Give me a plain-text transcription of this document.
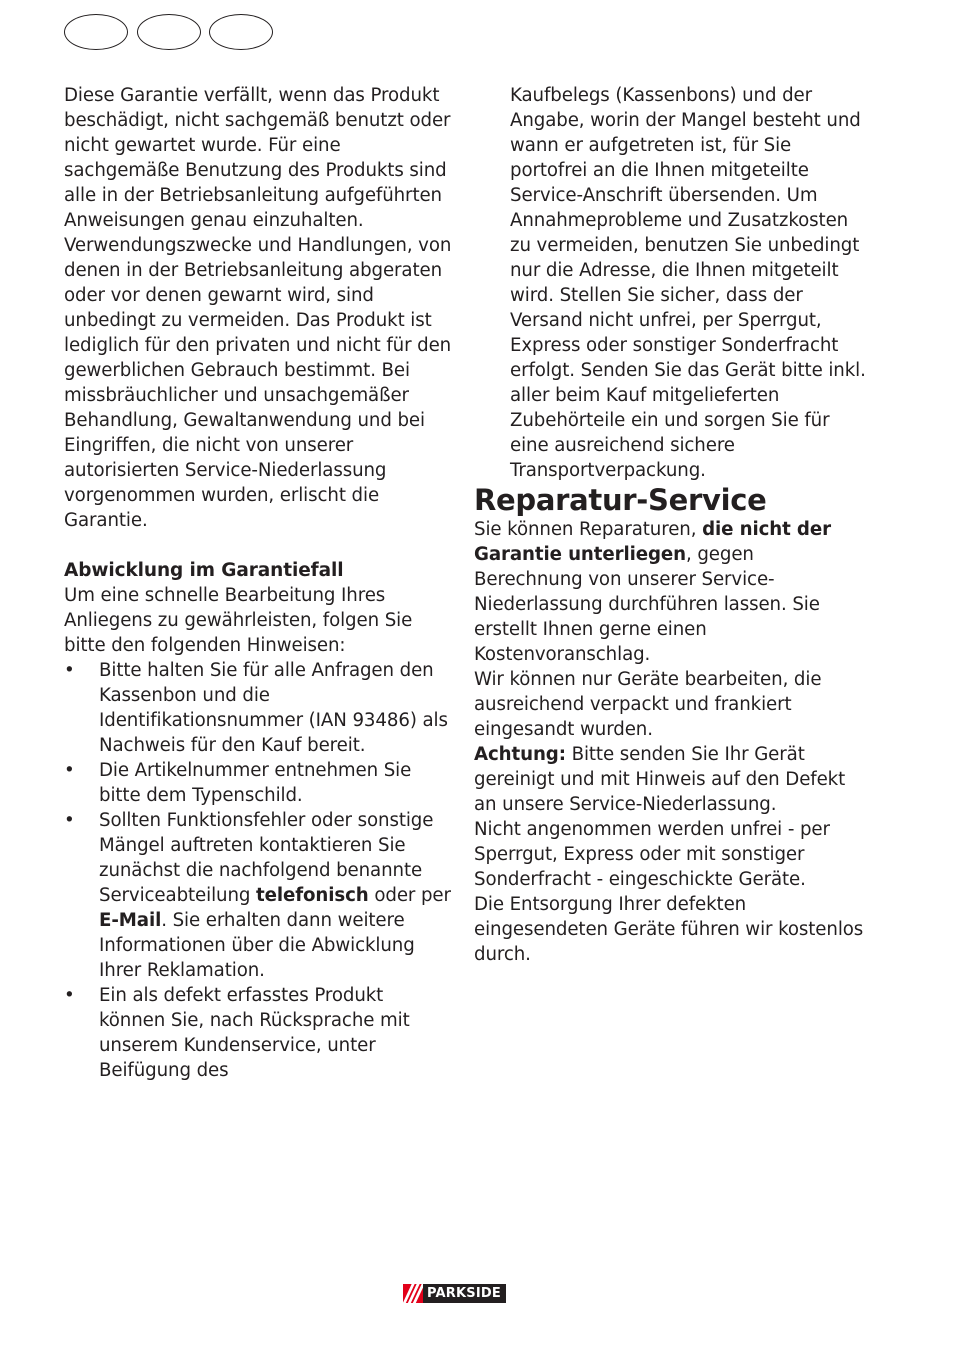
Diese Garantie verfällt, wenn das Produkt beschädigt, nicht sachgemäß benutzt oder nicht gewartet wurde. Für eine sachgemäße Benutzung des Produkts sind alle in der Betriebsanleitung aufgeführten Anweisungen genau einzuhalten. Verwendungszwecke und Handlungen, von denen in der Betriebsanleitung abgeraten oder vor denen gewarnt wird, sind unbedingt zu vermeiden. Das Produkt ist lediglich für den privaten und nicht für den gewerblichen Gebrauch bestimmt. Bei missbräuchlicher und unsachgemäßer Behandlung, Gewaltanwendung und bei Eingriffen, die nicht von unserer autorisierten Service-Niederlassung vorgenommen wurden, erlischt die Garantie.

Abwicklung im Garantiefall

Um eine schnelle Bearbeitung Ihres Anliegens zu gewährleisten, folgen Sie bitte den folgenden Hinweisen:

• Bitte halten Sie für alle Anfragen den Kassenbon und die Identifikationsnummer (IAN 93486) als Nachweis für den Kauf bereit.
• Die Artikelnummer entnehmen Sie bitte dem Typenschild.
• Sollten Funktionsfehler oder sonstige Mängel auftreten kontaktieren Sie zunächst die nachfolgend benannte Serviceabteilung telefonisch oder per E-Mail. Sie erhalten dann weitere Informationen über die Abwicklung Ihrer Reklamation.
• Ein als defekt erfasstes Produkt können Sie, nach Rücksprache mit unserem Kundenservice, unter Beifügung des

Kaufbelegs (Kassenbons) und der Angabe, worin der Mangel besteht und wann er aufgetreten ist, für Sie portofrei an die Ihnen mitgeteilte Service-Anschrift übersenden. Um Annahmeprobleme und Zusatzkosten zu vermeiden, benutzen Sie unbedingt nur die Adresse, die Ihnen mitgeteilt wird. Stellen Sie sicher, dass der Versand nicht unfrei, per Sperrgut, Express oder sonstiger Sonderfracht erfolgt. Senden Sie das Gerät bitte inkl. aller beim Kauf mitgelieferten Zubehörteile ein und sorgen Sie für eine ausreichend sichere Transportverpackung.

Reparatur-Service

Sie können Reparaturen, die nicht der Garantie unterliegen, gegen Berechnung von unserer Service-Niederlassung durchführen lassen. Sie erstellt Ihnen gerne einen Kostenvoranschlag.

Wir können nur Geräte bearbeiten, die ausreichend verpackt und frankiert eingesandt wurden.

Achtung: Bitte senden Sie Ihr Gerät gereinigt und mit Hinweis auf den Defekt an unsere Service-Niederlassung.

Nicht angenommen werden unfrei - per Sperrgut, Express oder mit sonstiger Sonderfracht - eingeschickte Geräte.

Die Entsorgung Ihrer defekten eingesendeten Geräte führen wir kostenlos durch.

PARKSIDE
